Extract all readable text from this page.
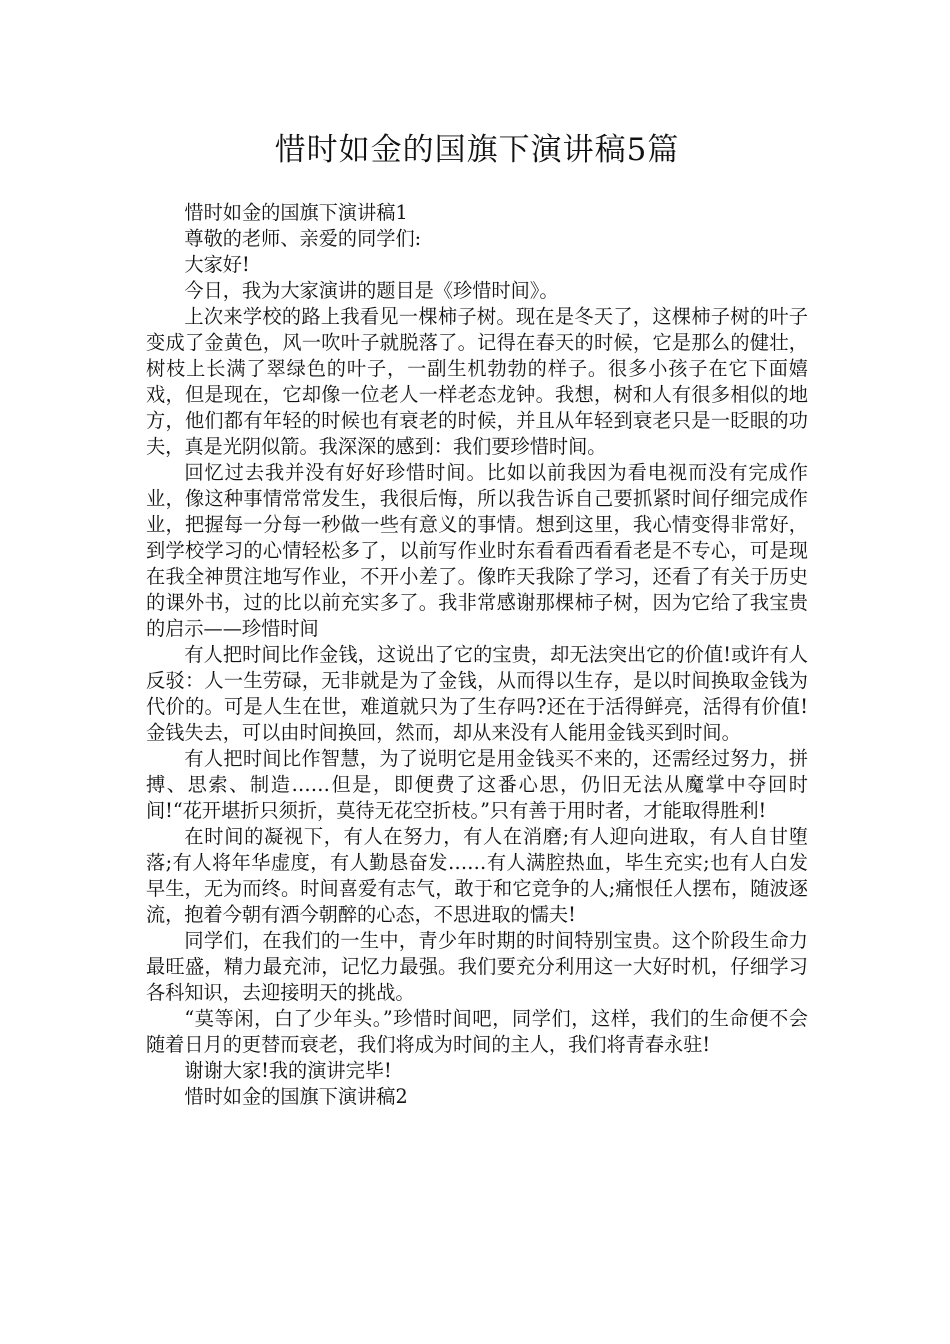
惜时如金的国旗下演讲稿5篇

惜时如金的国旗下演讲稿1

尊敬的老师、亲爱的同学们:

大家好!

今日，我为大家演讲的题目是《珍惜时间》。

上次来学校的路上我看见一棵柿子树。现在是冬天了，这棵柿子树的叶子变成了金黄色，风一吹叶子就脱落了。记得在春天的时候，它是那么的健壮，树枝上长满了翠绿色的叶子，一副生机勃勃的样子。很多小孩子在它下面嬉戏，但是现在，它却像一位老人一样老态龙钟。我想，树和人有很多相似的地方，他们都有年轻的时候也有衰老的时候，并且从年轻到衰老只是一眨眼的功夫，真是光阴似箭。我深深的感到：我们要珍惜时间。

回忆过去我并没有好好珍惜时间。比如以前我因为看电视而没有完成作业，像这种事情常常发生，我很后悔，所以我告诉自己要抓紧时间仔细完成作业，把握每一分每一秒做一些有意义的事情。想到这里，我心情变得非常好，到学校学习的心情轻松多了，以前写作业时东看看西看看老是不专心，可是现在我全神贯注地写作业，不开小差了。像昨天我除了学习，还看了有关于历史的课外书，过的比以前充实多了。我非常感谢那棵柿子树，因为它给了我宝贵的启示——珍惜时间

有人把时间比作金钱，这说出了它的宝贵，却无法突出它的价值!或许有人反驳：人一生劳碌，无非就是为了金钱，从而得以生存，是以时间换取金钱为代价的。可是人生在世，难道就只为了生存吗?还在于活得鲜亮，活得有价值!金钱失去，可以由时间换回，然而，却从来没有人能用金钱买到时间。

有人把时间比作智慧，为了说明它是用金钱买不来的，还需经过努力，拼搏、思索、制造……但是，即便费了这番心思，仍旧无法从魔掌中夺回时间!“花开堪折只须折，莫待无花空折枝。”只有善于用时者，才能取得胜利!

在时间的凝视下，有人在努力，有人在消磨;有人迎向进取，有人自甘堕落;有人将年华虚度，有人勤恳奋发……有人满腔热血，毕生充实;也有人白发早生，无为而终。时间喜爱有志气，敢于和它竞争的人;痛恨任人摆布，随波逐流，抱着今朝有酒今朝醉的心态，不思进取的懦夫!

同学们，在我们的一生中，青少年时期的时间特别宝贵。这个阶段生命力最旺盛，精力最充沛，记忆力最强。我们要充分利用这一大好时机，仔细学习各科知识，去迎接明天的挑战。

“莫等闲，白了少年头。”珍惜时间吧，同学们，这样，我们的生命便不会随着日月的更替而衰老，我们将成为时间的主人，我们将青春永驻!

谢谢大家!我的演讲完毕!

惜时如金的国旗下演讲稿2
